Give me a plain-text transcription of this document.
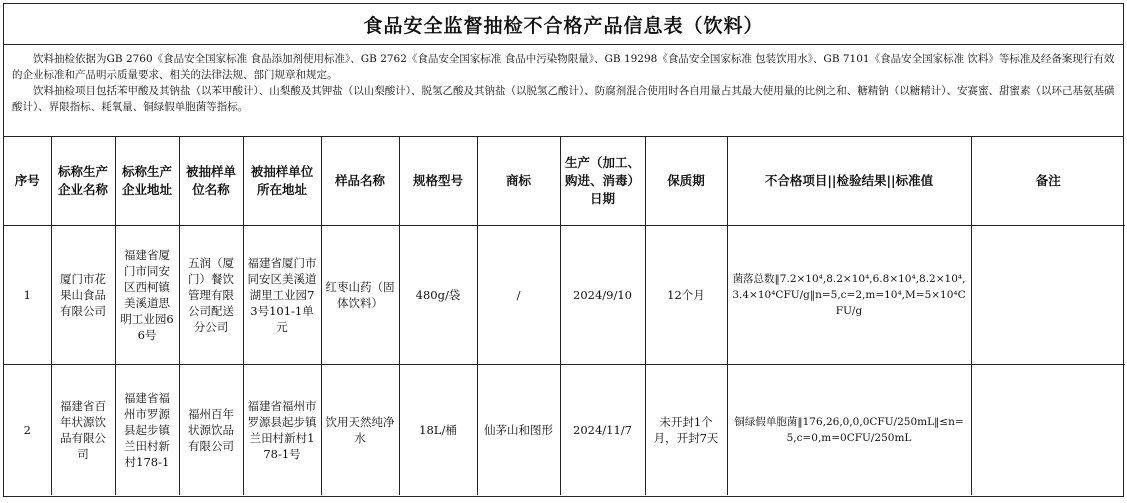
食品安全监督抽检不合格产品信息表（饮料）

饮料抽检依据为GB 2760《食品安全国家标准 食品添加剂使用标准》、GB 2762《食品安全国家标准 食品中污染物限量》、GB 19298《食品安全国家标准 包装饮用水》、GB 7101《食品安全国家标准 饮料》等标准及经备案现行有效的企业标准和产品明示质量要求、相关的法律法规、部门规章和规定。

饮料抽检项目包括苯甲酸及其钠盐（以苯甲酸计）、山梨酸及其钾盐（以山梨酸计）、脱氢乙酸及其钠盐（以脱氢乙酸计）、防腐剂混合使用时各自用量占其最大使用量的比例之和、糖精钠（以糖精计）、安赛蜜、甜蜜素（以环己基氨基磺酸计）、界限指标、耗氧量、铜绿假单胞菌等指标。

序号	标称生产企业名称	标称生产企业地址	被抽样单位名称	被抽样单位所在地址	样品名称	规格型号	商标	生产（加工、购进、消毒）日期	保质期	不合格项目||检验结果||标准值	备注
1	厦门市花果山食品有限公司	福建省厦门市同安区西柯镇美溪道思明工业园66号	五润（厦门）餐饮管理有限公司配送分公司	福建省厦门市同安区美溪道湖里工业园73号101-1单元	红枣山药（固体饮料）	480g/袋	/	2024/9/10	12个月	菌落总数‖7.2×10⁴,8.2×10⁴,6.8×10⁴,8.2×10⁴,3.4×10⁴CFU/g‖n=5,c=2,m=10⁴,M=5×10⁴CFU/g	
2	福建省百年状源饮品有限公司	福建省福州市罗源县起步镇兰田村新村178-1	福州百年状源饮品有限公司	福建省福州市罗源县起步镇兰田村新村178-1号	饮用天然纯净水	18L/桶	仙茅山和图形	2024/11/7	未开封1个月，开封7天	铜绿假单胞菌‖176,26,0,0,0CFU/250mL‖≤n=5,c=0,m=0CFU/250mL	
